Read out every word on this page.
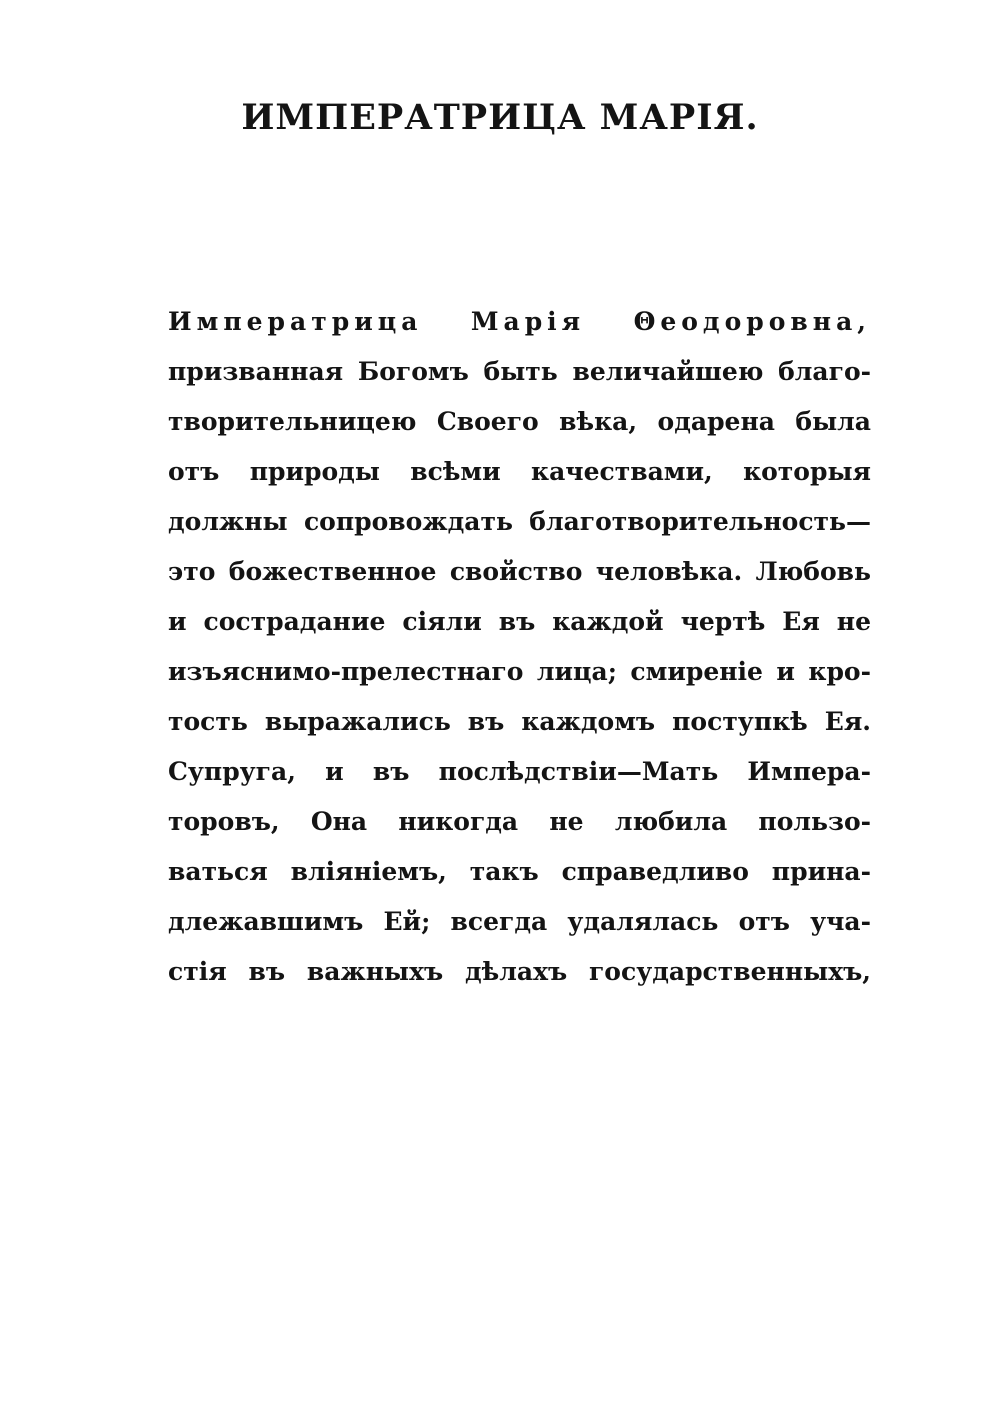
ИМПЕРАТРИЦА МАРІЯ.
Императрица Марія Θеодоровна,
призванная Богомъ быть величайшею благо-
творительницею Своего вѣка, одарена была
отъ природы всѣми качествами, которыя
должны сопровождать благотворительность—
это божественное свойство человѣка. Любовь
и сострадание сіяли въ каждой чертѣ Ея не
изъяснимо-прелестнаго лица; смиреніе и кро-
тость выражались въ каждомъ поступкѣ Ея.
Супруга, и въ послѣдствіи—Мать Импера-
торовъ, Она никогда не любила пользо-
ваться вліяніемъ, такъ справедливо прина-
длежавшимъ Ей; всегда удалялась отъ уча-
стія въ важныхъ дѣлахъ государственныхъ,
